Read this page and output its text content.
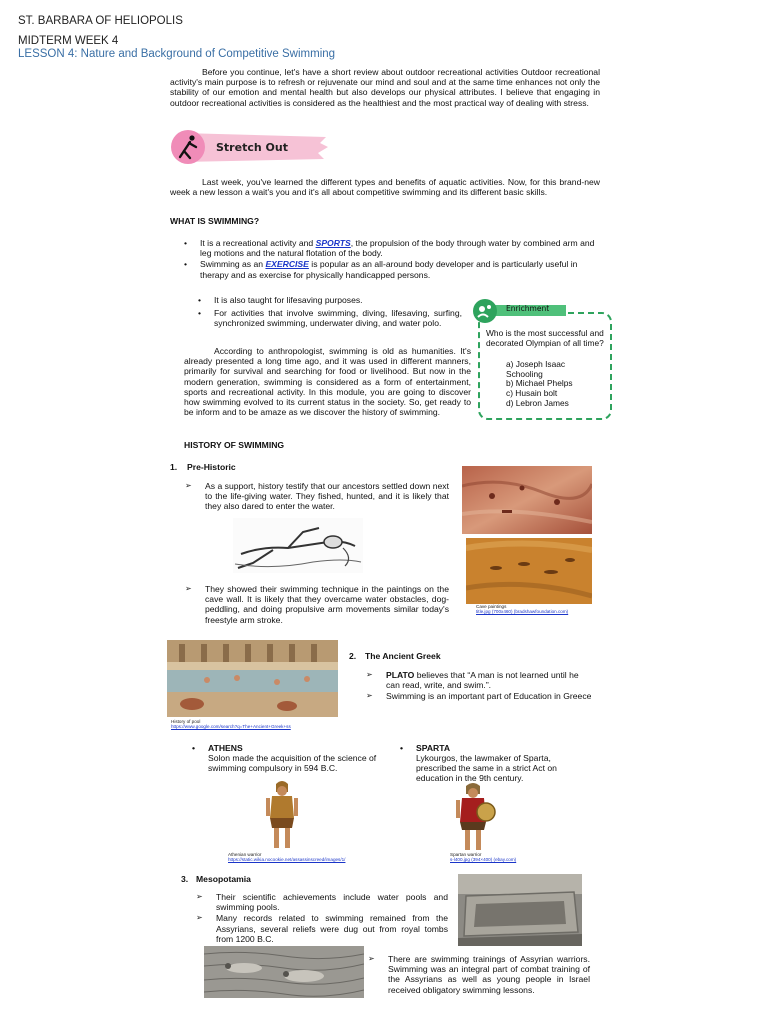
ST. BARBARA OF HELIOPOLIS
MIDTERM WEEK 4
LESSON 4: Nature and Background of Competitive Swimming
Before you continue, let's have a short review about outdoor recreational activities Outdoor recreational activity's main purpose is to refresh or rejuvenate our mind and soul and at the same time enhances not only the stability of our emotion and mental health but also develops our physical attributes. I believe that engaging in outdoor recreational activities is considered as the healthiest and the most practical way of dealing with stress.
Stretch Out
Last week, you've learned the different types and benefits of aquatic activities. Now, for this brand-new week a new lesson a wait's you and it's all about competitive swimming and its different basic skills.
WHAT IS SWIMMING?
• It is a recreational activity and SPORTS, the propulsion of the body through water by combined arm and leg motions and the natural flotation of the body.
• Swimming as an EXERCISE is popular as an all-around body developer and is particularly useful in therapy and as exercise for physically handicapped persons.
• It is also taught for lifesaving purposes.
• For activities that involve swimming, diving, lifesaving, surfing, synchronized swimming, underwater diving, and water polo.
According to anthropologist, swimming is old as humanities. It's already presented a long time ago, and it was used in different manners, primarily for survival and searching for food or livelihood. But now in the modern generation, swimming is considered as a form of entertainment, sports and recreational activity. In this module, you are going to discover how swimming evolved to its current status in the society. So, get ready to be inform and to be amaze as we discover the history of swimming.
Enrichment
Who is the most successful and decorated Olympian of all time?
a) Joseph Isaac Schooling
b) Michael Phelps
c) Husain bolt
d) Lebron James
HISTORY OF SWIMMING
1. Pre-Historic
➢ As a support, history testify that our ancestors settled down next to the life-giving water. They fished, hunted, and it is likely that they also dared to enter the water.
➢ They showed their swimming technique in the paintings on the cave wall. It is likely that they overcame water obstacles, dog-peddling, and doing propulsive arm movements similar today's freestyle arm stroke.
Cave paintings
title.jpg (700x460) (bradshawfoundation.com)
History of pool
https://www.google.com/search?q=The+Ancient+Greek+ss
2. The Ancient Greek
➢ PLATO believes that “A man is not learned until he can read, write, and swim.”.
➢ Swimming is an important part of Education in Greece
• ATHENS
Solon made the acquisition of the science of swimming compulsory in 594 B.C.
• SPARTA
Lykourgos, the lawmaker of Sparta, prescribed the same in a strict Act on education in the 9th century.
Athenian warrior
https://static.wikia.nocookie.net/assassinscreed/images/1/
Spartan warrior
s-l400.jpg (394×400) (ebay.com)
3. Mesopotamia
➢ Their scientific achievements include water pools and swimming pools.
➢ Many records related to swimming remained from the Assyrians, several reliefs were dug out from royal tombs from 1200 B.C.
➢ There are swimming trainings of Assyrian warriors. Swimming was an integral part of combat training of the Assyrians as well as young people in Israel received obligatory swimming lessons.
